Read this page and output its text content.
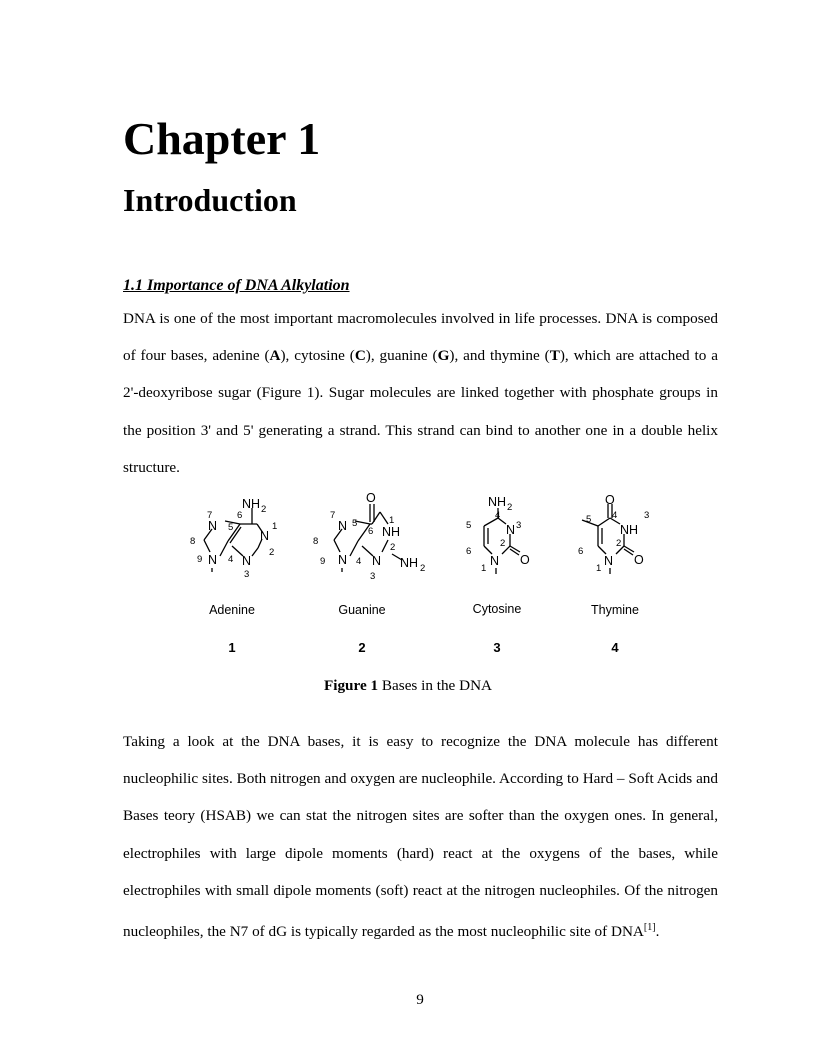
Chapter 1
Introduction
1.1 Importance of DNA Alkylation

DNA is one of the most important macromolecules involved in life processes. DNA is composed of four bases, adenine (A), cytosine (C), guanine (G), and thymine (T), which are attached to a 2'-deoxyribose sugar (Figure 1). Sugar molecules are linked together with phosphate groups in the position 3' and 5' generating a strand. This strand can bind to another one in a double helix structure.

NH 2
N
N
N N
7	6
5	1
2
8
9	4
3
Adenine
1
O
N	NH
N N NH 2
7
5
6
1
2
8
9	4
3
Guanine
2
NH 2
N
O
N
4
3
5
2
6
1
Cytosine
3
O
NH
O
N
4	3
5
2
6
1
Thymine
4

Figure 1 Bases in the DNA

Taking a look at the DNA bases, it is easy to recognize the DNA molecule has different nucleophilic sites. Both nitrogen and oxygen are nucleophile. According to Hard – Soft Acids and Bases teory (HSAB) we can stat the nitrogen sites are softer than the oxygen ones. In general, electrophiles with large dipole moments (hard) react at the oxygens of the bases, while electrophiles with small dipole moments (soft) react at the nitrogen nucleophiles. Of the nitrogen nucleophiles, the N7 of dG is typically regarded as the most nucleophilic site of DNA[1].

9
